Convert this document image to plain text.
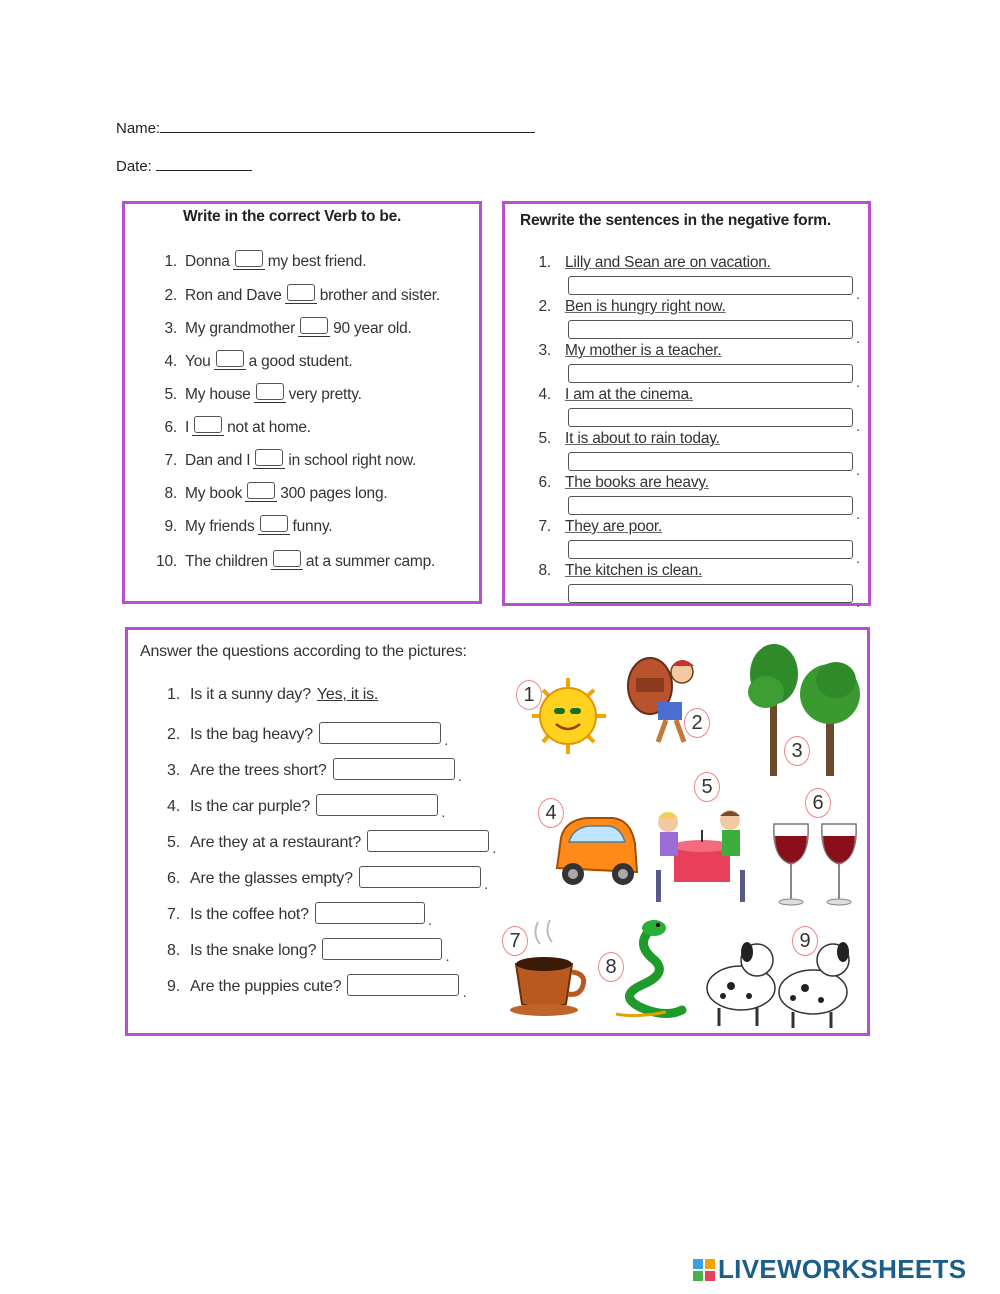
Name:
Date:
Write in the correct Verb to be.
1. Donna my best friend.
2. Ron and Dave brother and sister.
3. My grandmother 90 year old.
4. You a good student.
5. My house very pretty.
6. I not at home.
7. Dan and I in school right now.
8. My book 300 pages long.
9. My friends funny.
10. The children at a summer camp.
Rewrite the sentences in the negative form.
1. Lilly and Sean are on vacation.
.
2. Ben is hungry right now.
.
3. My mother is a teacher.
.
4. I am at the cinema.
.
5. It is about to rain today.
.
6. The books are heavy.
.
7. They are poor.
.
8. The kitchen is clean.
.
Answer the questions according to the pictures:
1. Is it a sunny day? Yes, it is.
2. Is the bag heavy?.
3. Are the trees short?.
4. Is the car purple?.
5. Are they at a restaurant?.
6. Are the glasses empty?.
7. Is the coffee hot?.
8. Is the snake long?.
9. Are the puppies cute?.
1
2
3
4
5
6
7
8
9
LIVEWORKSHEETS
